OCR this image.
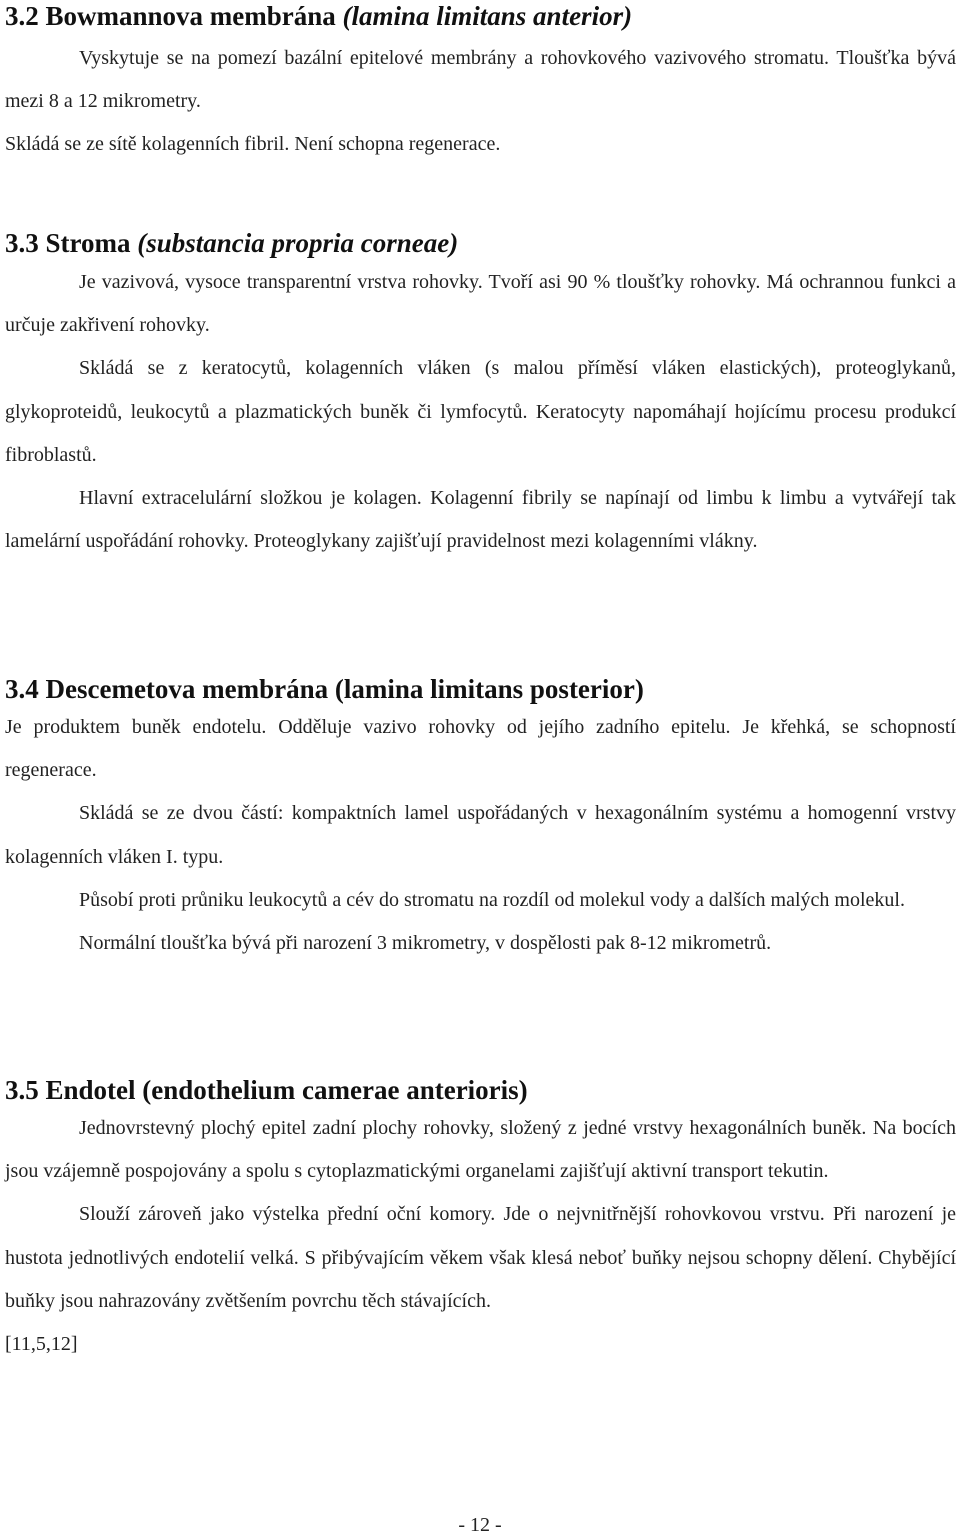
3.2 Bowmannova membrána (lamina limitans anterior)

Vyskytuje se na pomezí bazální epitelové membrány a rohovkového vazivového stromatu. Tloušťka bývá mezi 8 a 12 mikrometry.

Skládá se ze sítě kolagenních fibril. Není schopna regenerace.

3.3 Stroma (substancia propria corneae)

Je vazivová, vysoce transparentní vrstva rohovky. Tvoří asi 90 % tloušťky rohovky. Má ochrannou funkci a určuje zakřivení rohovky.

Skládá se z keratocytů, kolagenních vláken (s malou příměsí vláken elastických), proteoglykanů, glykoproteidů, leukocytů a plazmatických buněk či lymfocytů. Keratocyty napomáhají hojícímu procesu produkcí fibroblastů.

Hlavní extracelulární složkou je kolagen. Kolagenní fibrily se napínají od limbu k limbu a vytvářejí tak lamelární uspořádání rohovky. Proteoglykany zajišťují pravidelnost mezi kolagenními vlákny.

3.4 Descemetova membrána (lamina limitans posterior)

Je produktem buněk endotelu. Odděluje vazivo rohovky od jejího zadního epitelu. Je křehká, se schopností regenerace.

Skládá se ze dvou částí: kompaktních lamel uspořádaných v hexagonálním systému a homogenní vrstvy kolagenních vláken I. typu.

Působí proti průniku leukocytů a cév do stromatu na rozdíl od molekul vody a dalších malých molekul.

Normální tloušťka bývá při narození 3 mikrometry, v dospělosti pak 8-12 mikrometrů.

3.5 Endotel (endothelium camerae anterioris)

Jednovrstevný plochý epitel zadní plochy rohovky, složený z jedné vrstvy hexagonálních buněk. Na bocích jsou vzájemně pospojovány a spolu s cytoplazmatickými organelami zajišťují aktivní transport tekutin.

Slouží zároveň jako výstelka přední oční komory. Jde o nejvnitřnější rohovkovou vrstvu. Při narození je hustota jednotlivých endotelií velká. S přibývajícím věkem však klesá neboť buňky nejsou schopny dělení. Chybějící buňky jsou nahrazovány zvětšením povrchu těch stávajících.

[11,5,12]

- 12 -
